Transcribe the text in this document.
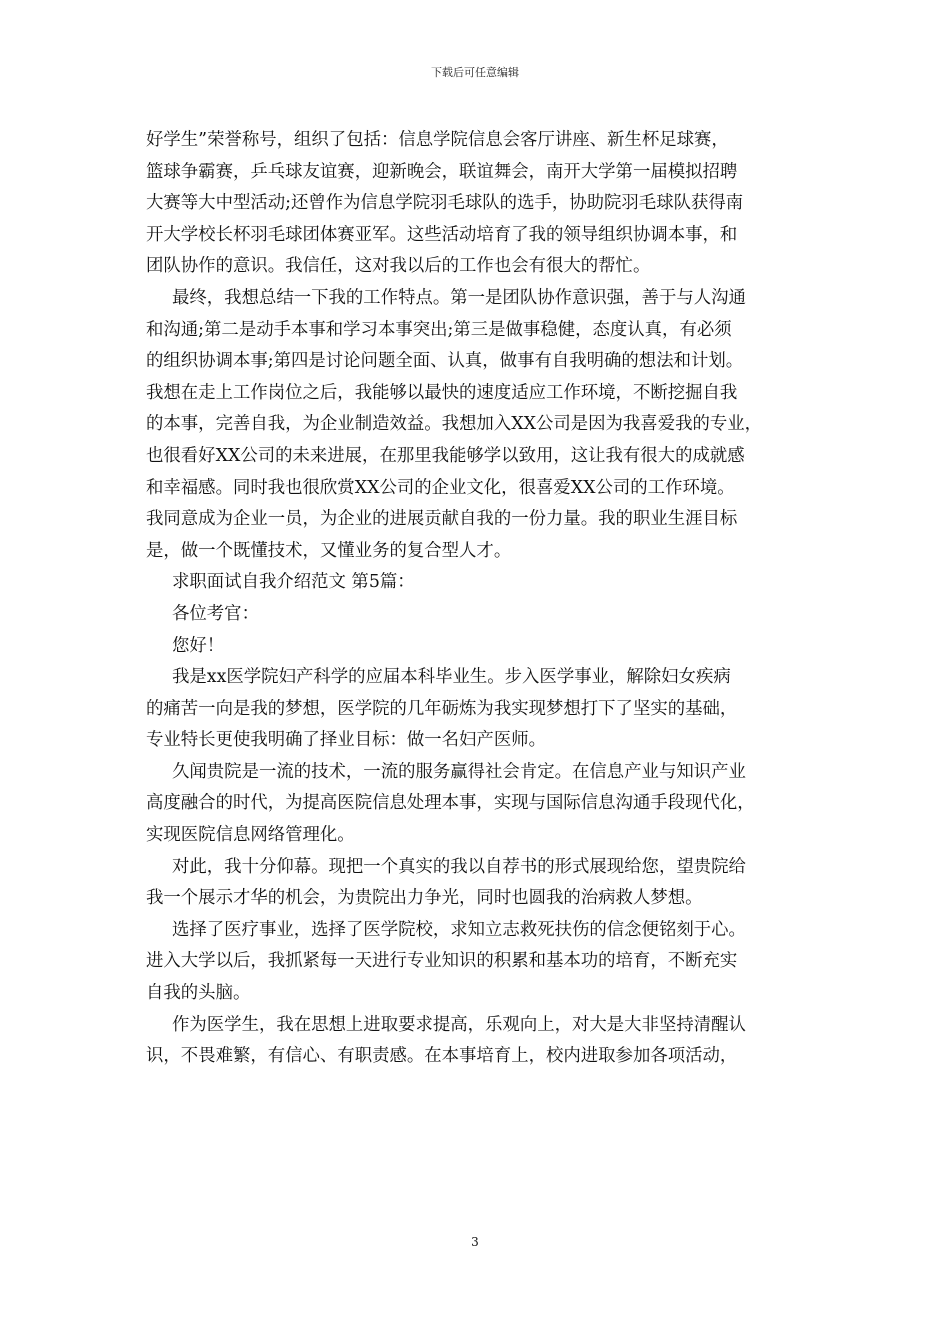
下载后可任意编辑
好学生”荣誉称号，组织了包括：信息学院信息会客厅讲座、新生杯足球赛，
篮球争霸赛，乒乓球友谊赛，迎新晚会，联谊舞会，南开大学第一届模拟招聘
大赛等大中型活动;还曾作为信息学院羽毛球队的选手，协助院羽毛球队获得南
开大学校长杯羽毛球团体赛亚军。这些活动培育了我的领导组织协调本事，和
团队协作的意识。我信任，这对我以后的工作也会有很大的帮忙。
最终，我想总结一下我的工作特点。第一是团队协作意识强，善于与人沟通
和沟通;第二是动手本事和学习本事突出;第三是做事稳健，态度认真，有必须
的组织协调本事;第四是讨论问题全面、认真，做事有自我明确的想法和计划。
我想在走上工作岗位之后，我能够以最快的速度适应工作环境，不断挖掘自我
的本事，完善自我，为企业制造效益。我想加入XX公司是因为我喜爱我的专业，
也很看好XX公司的未来进展，在那里我能够学以致用，这让我有很大的成就感
和幸福感。同时我也很欣赏XX公司的企业文化，很喜爱XX公司的工作环境。
我同意成为企业一员，为企业的进展贡献自我的一份力量。我的职业生涯目标
是，做一个既懂技术，又懂业务的复合型人才。
求职面试自我介绍范文 第5篇：
各位考官：
您好！
我是xx医学院妇产科学的应届本科毕业生。步入医学事业，解除妇女疾病
的痛苦一向是我的梦想，医学院的几年砺炼为我实现梦想打下了坚实的基础，
专业特长更使我明确了择业目标：做一名妇产医师。
久闻贵院是一流的技术，一流的服务赢得社会肯定。在信息产业与知识产业
高度融合的时代，为提高医院信息处理本事，实现与国际信息沟通手段现代化，
实现医院信息网络管理化。
对此，我十分仰幕。现把一个真实的我以自荐书的形式展现给您，望贵院给
我一个展示才华的机会，为贵院出力争光，同时也圆我的治病救人梦想。
选择了医疗事业，选择了医学院校，求知立志救死扶伤的信念便铭刻于心。
进入大学以后，我抓紧每一天进行专业知识的积累和基本功的培育，不断充实
自我的头脑。
作为医学生，我在思想上进取要求提高，乐观向上，对大是大非坚持清醒认
识，不畏难繁，有信心、有职责感。在本事培育上，校内进取参加各项活动，
3
